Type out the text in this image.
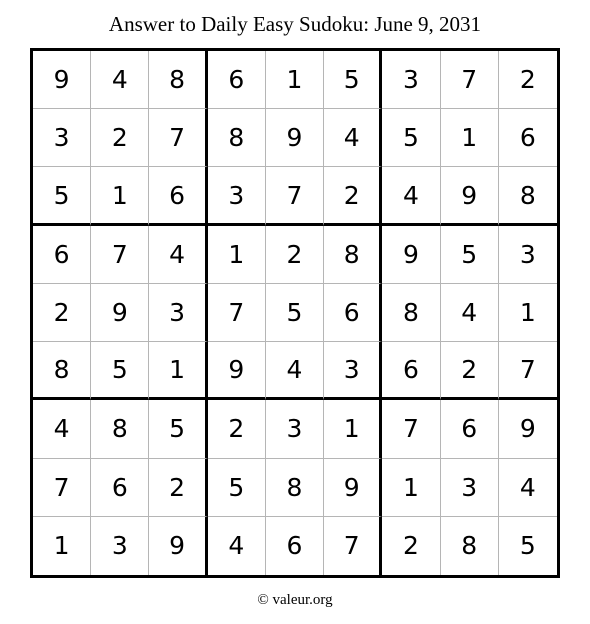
Answer to Daily Easy Sudoku: June 9, 2031
9	4	8	6	1	5	3	7	2
3	2	7	8	9	4	5	1	6
5	1	6	3	7	2	4	9	8
6	7	4	1	2	8	9	5	3
2	9	3	7	5	6	8	4	1
8	5	1	9	4	3	6	2	7
4	8	5	2	3	1	7	6	9
7	6	2	5	8	9	1	3	4
1	3	9	4	6	7	2	8	5
© valeur.org
